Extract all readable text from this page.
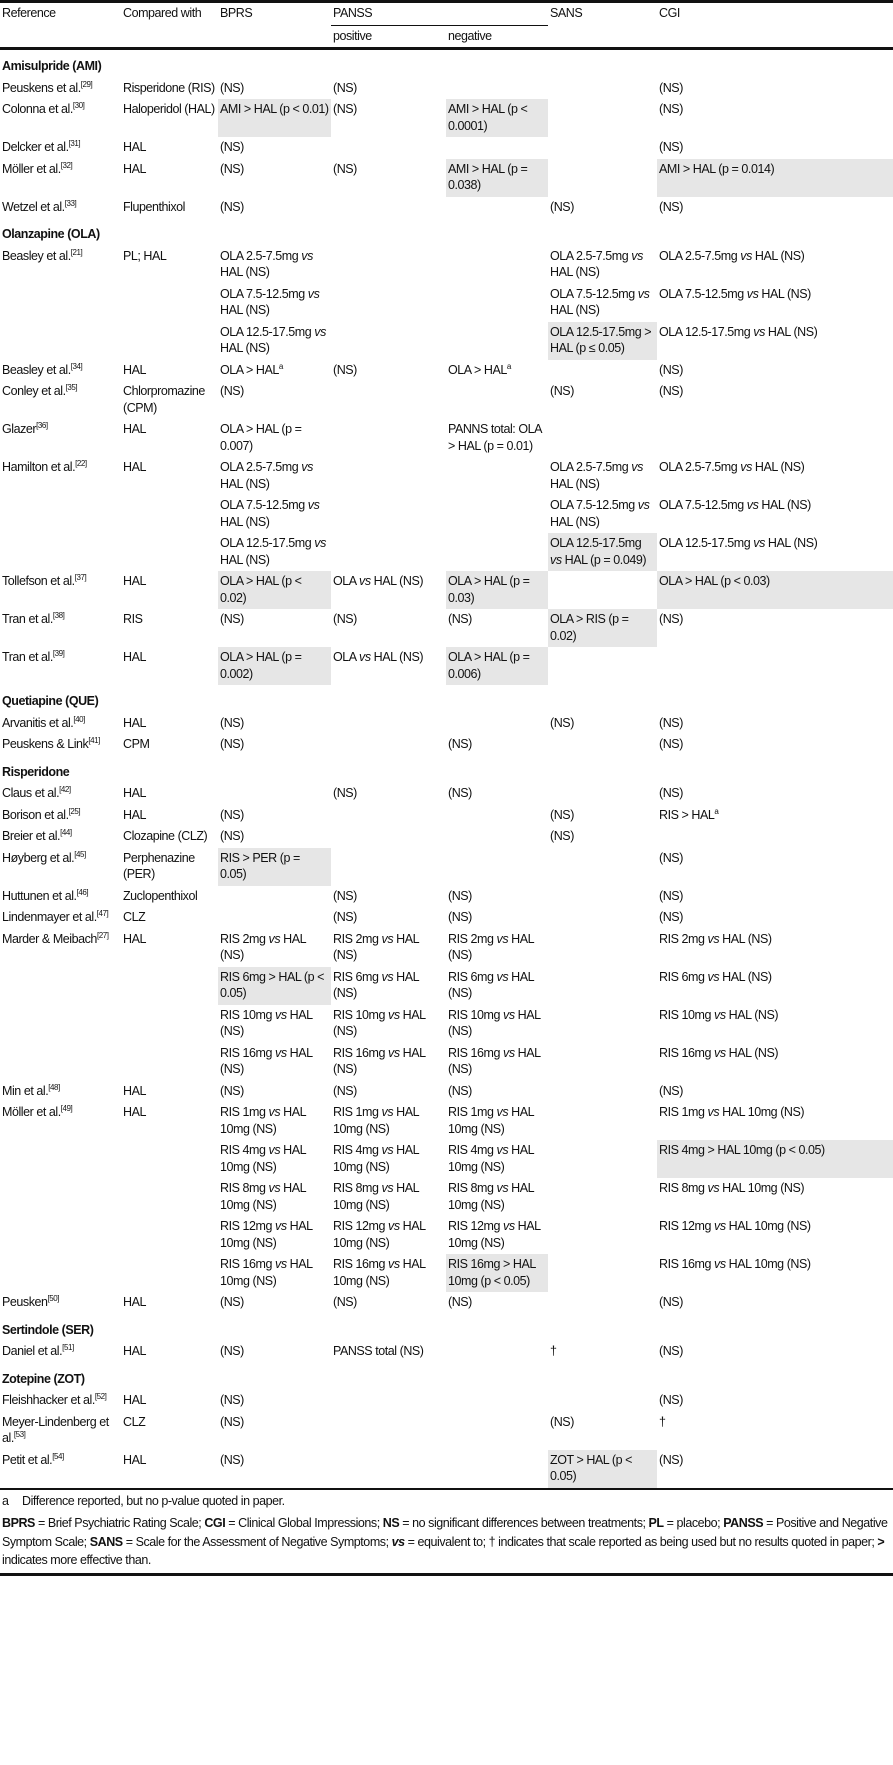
Reference	Compared with	BPRS	PANSS		SANS	CGI
			positive	negative		
Amisulpride (AMI)						
Peuskens et al.[29]	Risperidone (RIS)	(NS)	(NS)			(NS)
Colonna et al.[30]	Haloperidol (HAL)	AMI > HAL (p < 0.01)	(NS)	AMI > HAL (p < 0.0001)		(NS)
Delcker et al.[31]	HAL	(NS)				(NS)
Möller et al.[32]	HAL	(NS)	(NS)	AMI > HAL (p = 0.038)		AMI > HAL (p = 0.014)
Wetzel et al.[33]	Flupenthixol	(NS)			(NS)	(NS)
Olanzapine (OLA)						
Beasley et al.[21]	PL; HAL	OLA 2.5-7.5mg vs HAL (NS)			OLA 2.5-7.5mg vs HAL (NS)	OLA 2.5-7.5mg vs HAL (NS)
		OLA 7.5-12.5mg vs HAL (NS)			OLA 7.5-12.5mg vs HAL (NS)	OLA 7.5-12.5mg vs HAL (NS)
		OLA 12.5-17.5mg vs HAL (NS)			OLA 12.5-17.5mg > HAL (p ≤ 0.05)	OLA 12.5-17.5mg vs HAL (NS)
Beasley et al.[34]	HAL	OLA > $HAL^a$	(NS)	OLA > $HAL^a$		(NS)
Conley et al.[35]	Chlorpromazine (CPM)	(NS)			(NS)	(NS)
Glazer[36]	HAL	OLA > HAL (p = 0.007)		PANNS total: OLA > HAL (p = 0.01)		
Hamilton et al.[22]	HAL	OLA 2.5-7.5mg vs HAL (NS)			OLA 2.5-7.5mg vs HAL (NS)	OLA 2.5-7.5mg vs HAL (NS)
		OLA 7.5-12.5mg vs HAL (NS)			OLA 7.5-12.5mg vs HAL (NS)	OLA 7.5-12.5mg vs HAL (NS)
		OLA 12.5-17.5mg vs HAL (NS)			OLA 12.5-17.5mg vs HAL (p = 0.049)	OLA 12.5-17.5mg vs HAL (NS)
Tollefson et al.[37]	HAL	OLA > HAL (p < 0.02)	OLA vs HAL (NS)	OLA > HAL (p = 0.03)		OLA > HAL (p < 0.03)
Tran et al.[38]	RIS	(NS)	(NS)	(NS)	OLA > RIS (p = 0.02)	(NS)
Tran et al.[39]	HAL	OLA > HAL (p = 0.002)	OLA vs HAL (NS)	OLA > HAL (p = 0.006)		
Quetiapine (QUE)						
Arvanitis et al.[40]	HAL	(NS)			(NS)	(NS)
Peuskens & Link[41]	CPM	(NS)		(NS)		(NS)
Risperidone						
Claus et al.[42]	HAL		(NS)	(NS)		(NS)
Borison et al.[25]	HAL	(NS)			(NS)	RIS > $HAL^a$
Breier et al.[44]	Clozapine (CLZ)	(NS)			(NS)	
Høyberg et al.[45]	Perphenazine (PER)	RIS > PER (p = 0.05)				(NS)
Huttunen et al.[46]	Zuclopenthixol		(NS)	(NS)		(NS)
Lindenmayer et al.[47]	CLZ		(NS)	(NS)		(NS)
Marder & Meibach[27]	HAL	RIS 2mg vs HAL (NS)	RIS 2mg vs HAL (NS)	RIS 2mg vs HAL (NS)		RIS 2mg vs HAL (NS)
		RIS 6mg > HAL (p < 0.05)	RIS 6mg vs HAL (NS)	RIS 6mg vs HAL (NS)		RIS 6mg vs HAL (NS)
		RIS 10mg vs HAL (NS)	RIS 10mg vs HAL (NS)	RIS 10mg vs HAL (NS)		RIS 10mg vs HAL (NS)
		RIS 16mg vs HAL (NS)	RIS 16mg vs HAL (NS)	RIS 16mg vs HAL (NS)		RIS 16mg vs HAL (NS)
Min et al.[48]	HAL	(NS)	(NS)	(NS)		(NS)
Möller et al.[49]	HAL	RIS 1mg vs HAL 10mg (NS)	RIS 1mg vs HAL 10mg (NS)	RIS 1mg vs HAL 10mg (NS)		RIS 1mg vs HAL 10mg (NS)
		RIS 4mg vs HAL 10mg (NS)	RIS 4mg vs HAL 10mg (NS)	RIS 4mg vs HAL 10mg (NS)		RIS 4mg > HAL 10mg (p < 0.05)
		RIS 8mg vs HAL 10mg (NS)	RIS 8mg vs HAL 10mg (NS)	RIS 8mg vs HAL 10mg (NS)		RIS 8mg vs HAL 10mg (NS)
		RIS 12mg vs HAL 10mg (NS)	RIS 12mg vs HAL 10mg (NS)	RIS 12mg vs HAL 10mg (NS)		RIS 12mg vs HAL 10mg (NS)
		RIS 16mg vs HAL 10mg (NS)	RIS 16mg vs HAL 10mg (NS)	RIS 16mg > HAL 10mg (p < 0.05)		RIS 16mg vs HAL 10mg (NS)
Peusken[50]	HAL	(NS)	(NS)	(NS)		(NS)
Sertindole (SER)						
Daniel et al.[51]	HAL	(NS)	PANSS total (NS)		†	(NS)
Zotepine (ZOT)						
Fleishhacker et al.[52]	HAL	(NS)				(NS)
Meyer-Lindenberg et al.[53]	CLZ	(NS)			(NS)	†
Petit et al.[54]	HAL	(NS)			ZOT > HAL (p < 0.05)	(NS)
a Difference reported, but no p-value quoted in paper.
BPRS = Brief Psychiatric Rating Scale; CGI = Clinical Global Impressions; NS = no significant differences between treatments; PL = placebo; PANSS = Positive and Negative Symptom Scale; SANS = Scale for the Assessment of Negative Symptoms; vs = equivalent to; † indicates that scale reported as being used but no results quoted in paper; > indicates more effective than.
